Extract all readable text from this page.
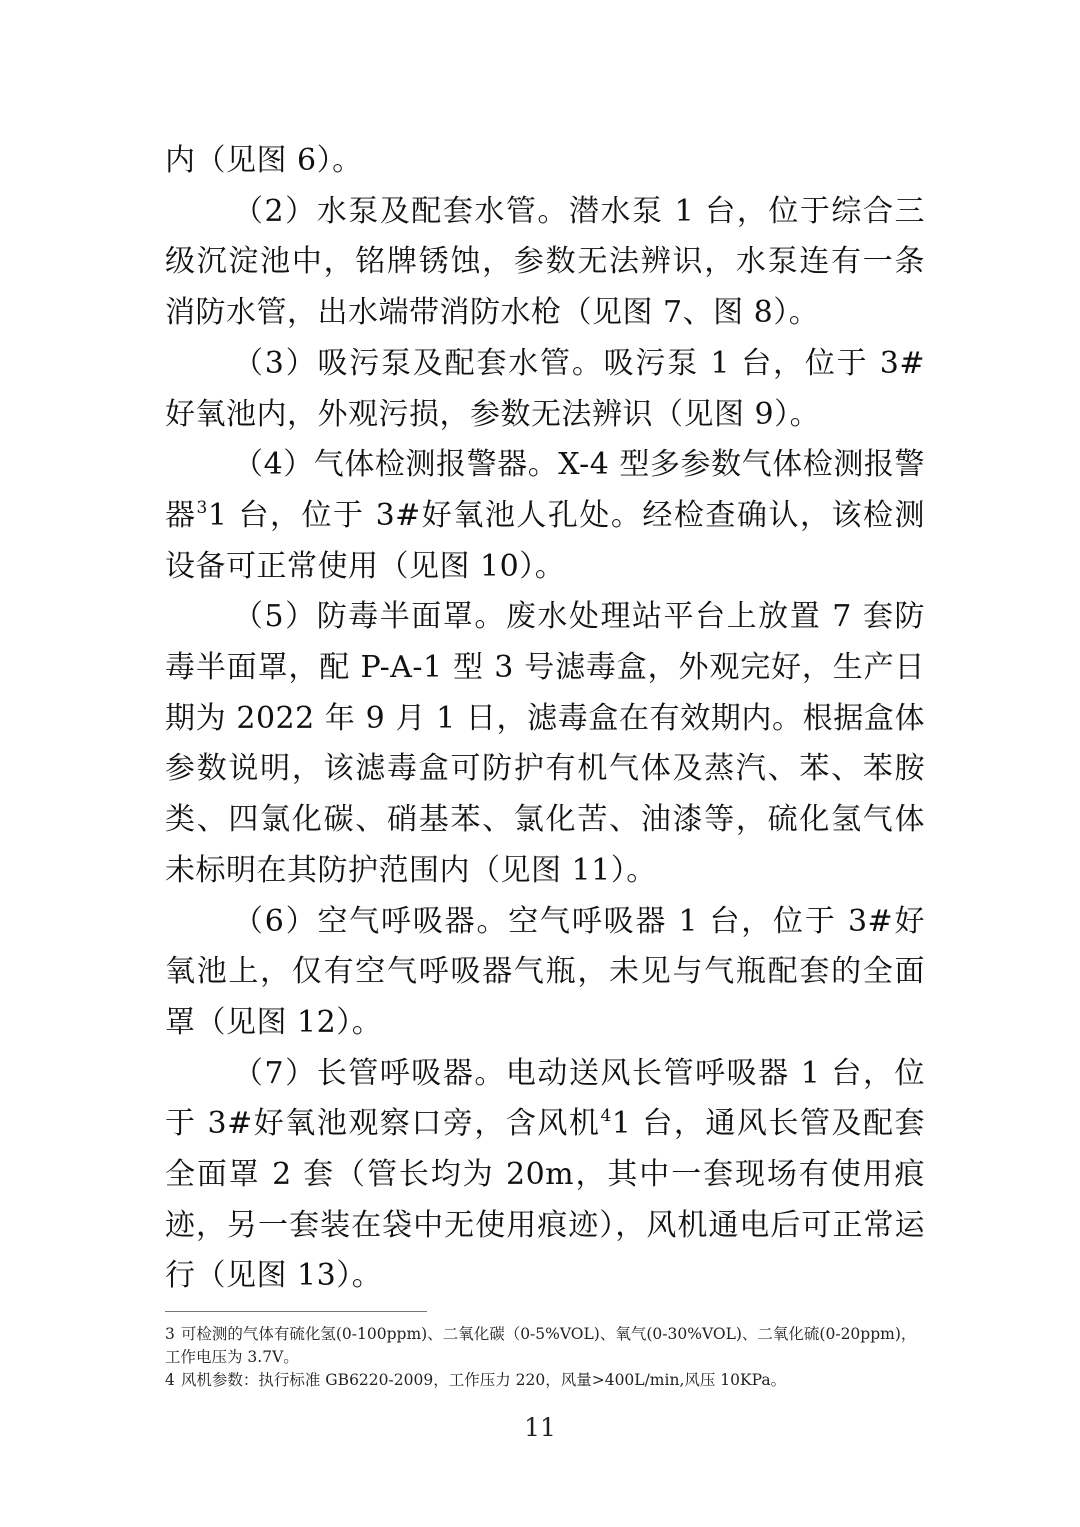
内（见图 6）。

（2）水泵及配套水管。潜水泵 1 台，位于综合三级沉淀池中，铭牌锈蚀，参数无法辨识，水泵连有一条消防水管，出水端带消防水枪（见图 7、图 8）。

（3）吸污泵及配套水管。吸污泵 1 台，位于 3#好氧池内，外观污损，参数无法辨识（见图 9）。

（4）气体检测报警器。X-4 型多参数气体检测报警器$^3$1 台，位于 3#好氧池人孔处。经检查确认，该检测设备可正常使用（见图 10）。

（5）防毒半面罩。废水处理站平台上放置 7 套防毒半面罩，配 P-A-1 型 3 号滤毒盒，外观完好，生产日期为 2022 年 9 月 1 日，滤毒盒在有效期内。根据盒体参数说明，该滤毒盒可防护有机气体及蒸汽、苯、苯胺类、四氯化碳、硝基苯、氯化苦、油漆等，硫化氢气体未标明在其防护范围内（见图 11）。

（6）空气呼吸器。空气呼吸器 1 台，位于 3#好氧池上，仅有空气呼吸器气瓶，未见与气瓶配套的全面罩（见图 12）。

（7）长管呼吸器。电动送风长管呼吸器 1 台，位于 3#好氧池观察口旁，含风机$^4$1 台，通风长管及配套全面罩 2 套（管长均为 20m，其中一套现场有使用痕迹，另一套装在袋中无使用痕迹），风机通电后可正常运行（见图 13）。

3 可检测的气体有硫化氢(0-100ppm)、二氧化碳（0-5%VOL)、氧气(0-30%VOL)、二氧化硫(0-20ppm)，工作电压为 3.7V。

4 风机参数：执行标准 GB6220-2009，工作压力 220，风量>400L/min,风压 10KPa。

11
